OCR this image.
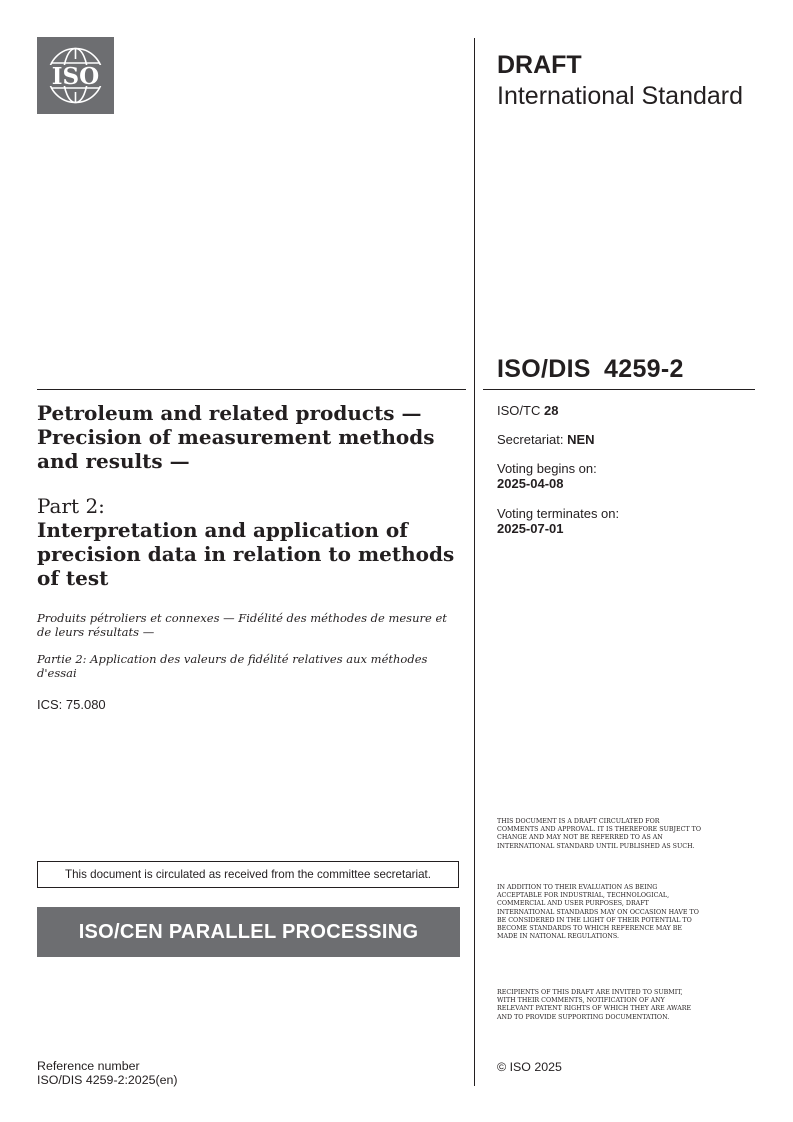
ISO	DRAFT
International Standard
ISO/DIS 4259-2
ISO/TC 28
Secretariat: NEN
Voting begins on:
2025-04-08
Voting terminates on:
2025-07-01
Petroleum and related products — Precision of measurement methods and results —
Part 2:
Interpretation and application of precision data in relation to methods of test
Produits pétroliers et connexes — Fidélité des méthodes de mesure et de leurs résultats —
Partie 2: Application des valeurs de fidélité relatives aux méthodes d'essai
ICS: 75.080
This document is circulated as received from the committee secretariat.
ISO/CEN PARALLEL PROCESSING
Reference number
ISO/DIS 4259-2:2025(en)
THIS DOCUMENT IS A DRAFT CIRCULATED FOR COMMENTS AND APPROVAL. IT IS THEREFORE SUBJECT TO CHANGE AND MAY NOT BE REFERRED TO AS AN INTERNATIONAL STANDARD UNTIL PUBLISHED AS SUCH.
IN ADDITION TO THEIR EVALUATION AS BEING ACCEPTABLE FOR INDUSTRIAL, TECHNOLOGICAL, COMMERCIAL AND USER PURPOSES, DRAFT INTERNATIONAL STANDARDS MAY ON OCCASION HAVE TO BE CONSIDERED IN THE LIGHT OF THEIR POTENTIAL TO BECOME STANDARDS TO WHICH REFERENCE MAY BE MADE IN NATIONAL REGULATIONS.
RECIPIENTS OF THIS DRAFT ARE INVITED TO SUBMIT, WITH THEIR COMMENTS, NOTIFICATION OF ANY RELEVANT PATENT RIGHTS OF WHICH THEY ARE AWARE AND TO PROVIDE SUPPORTING DOCUMENTATION.
© ISO 2025
